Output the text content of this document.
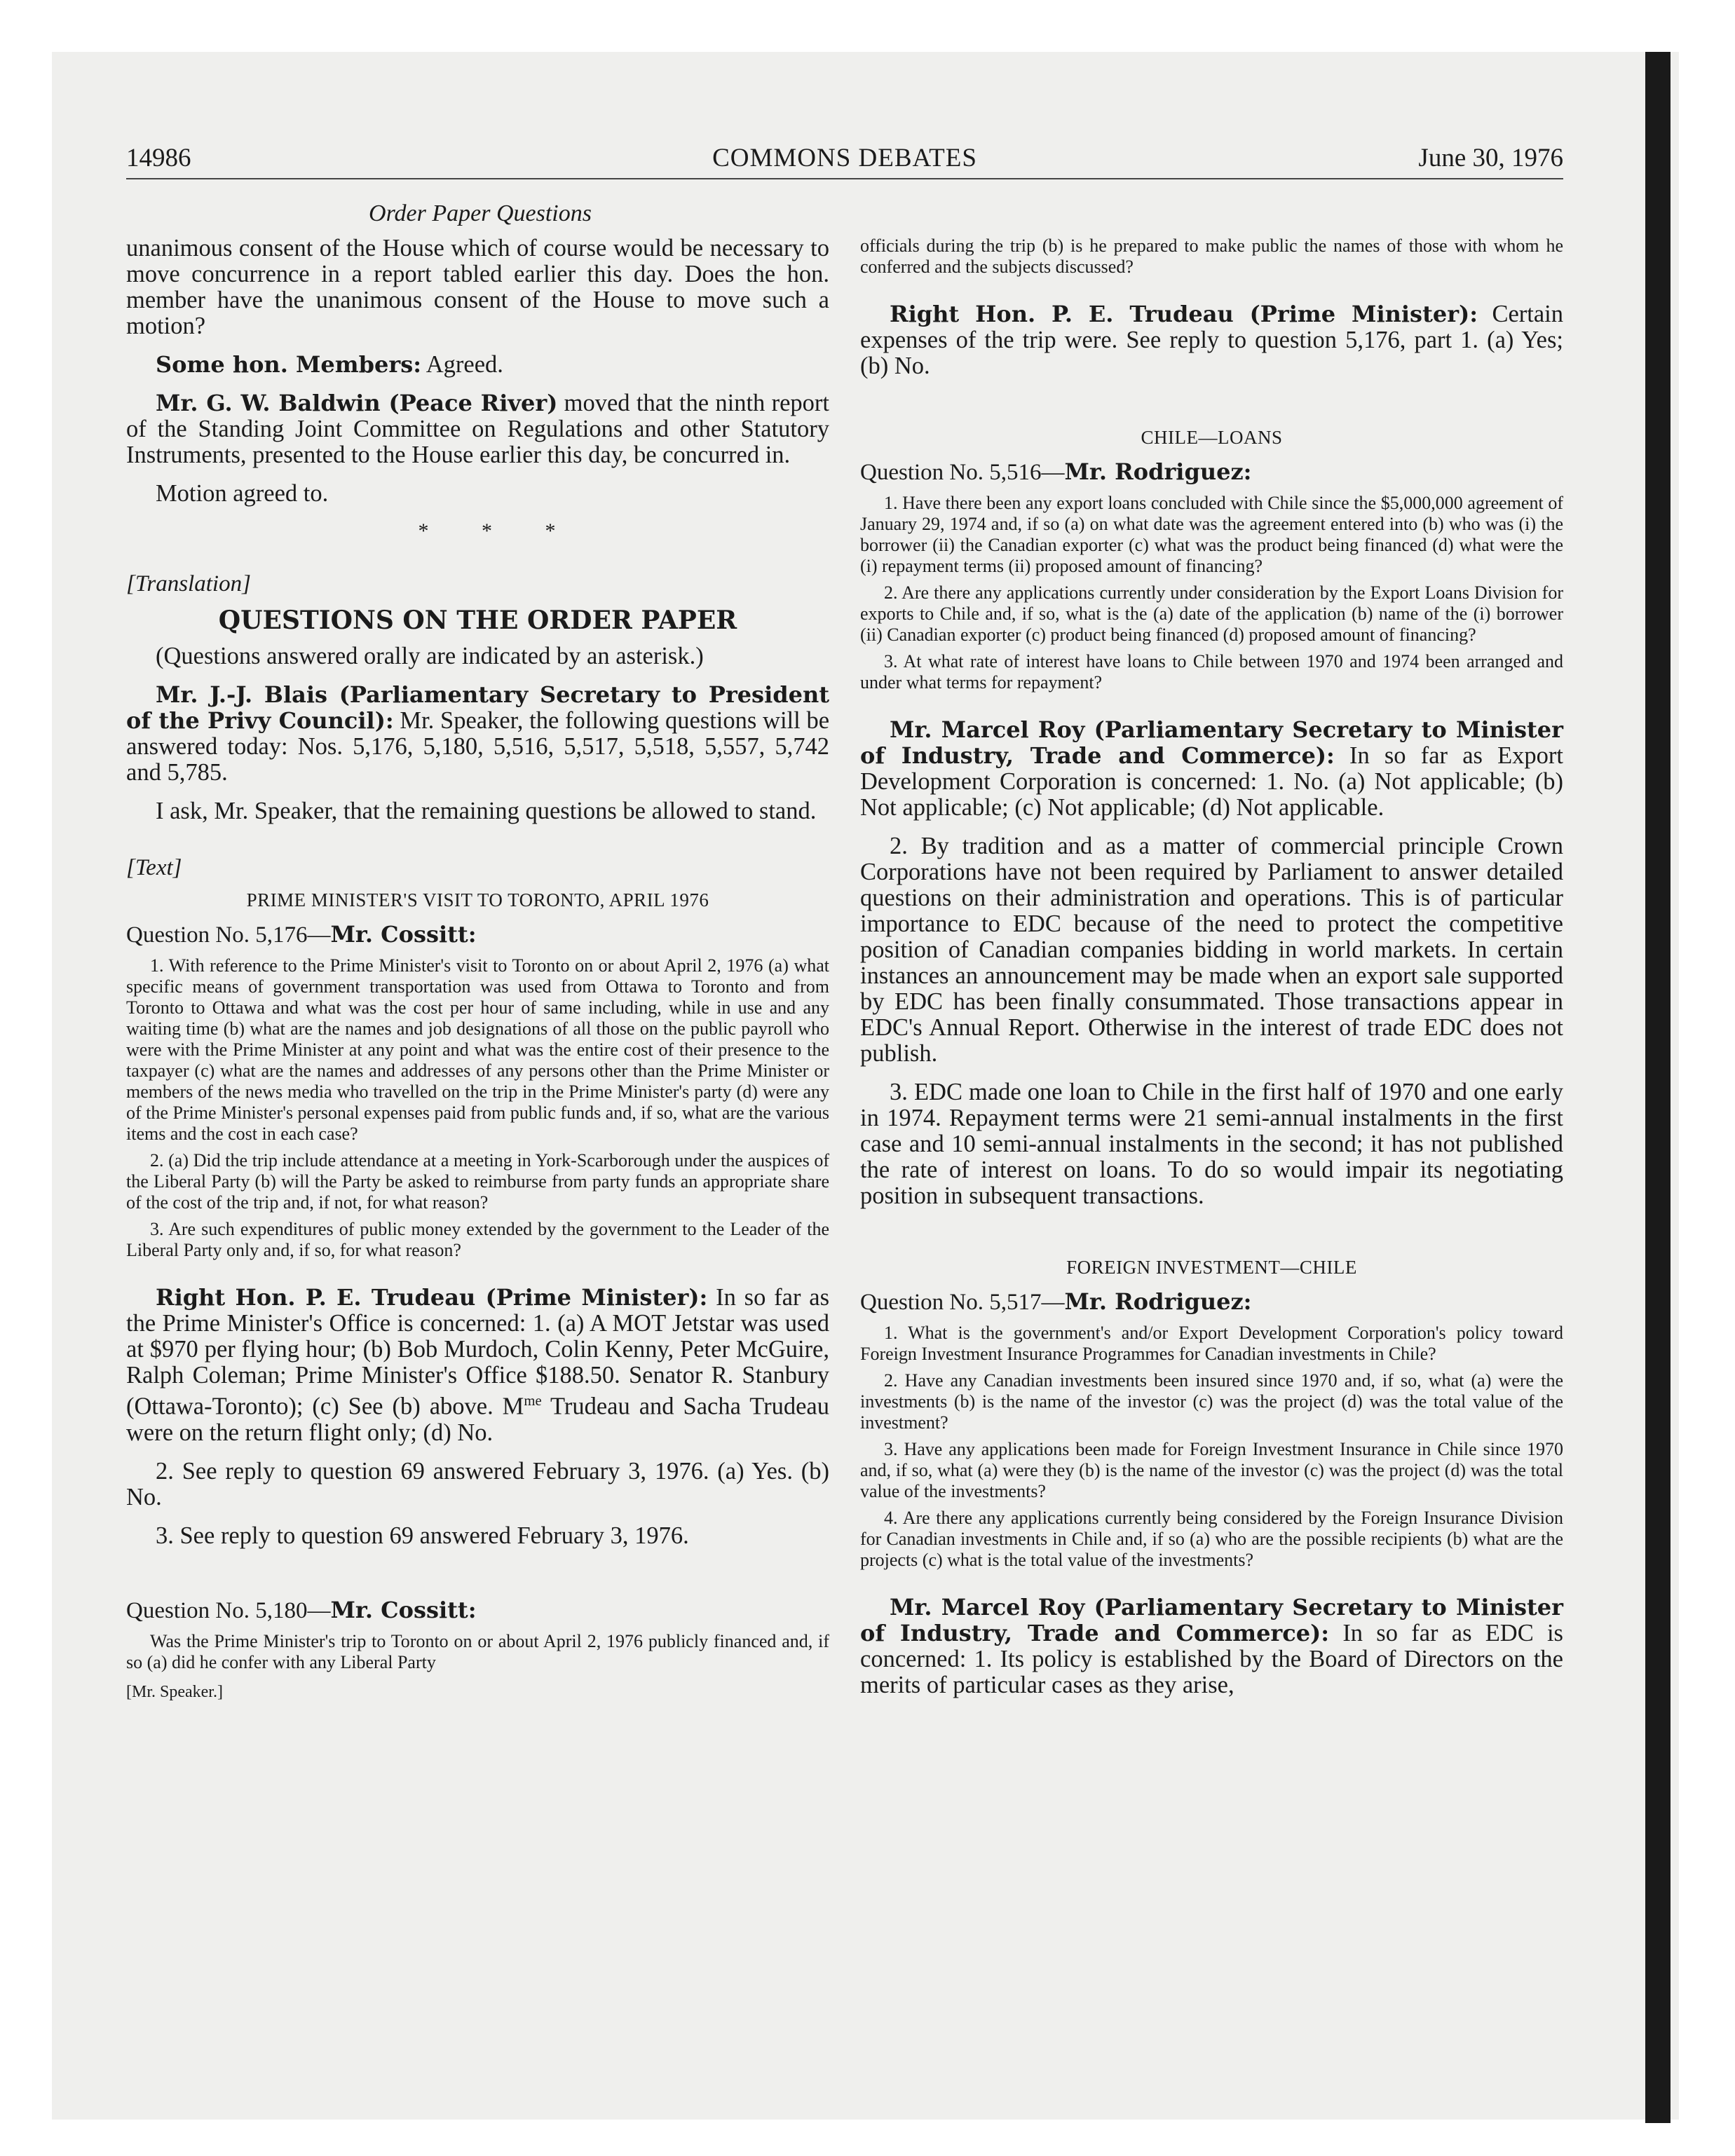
14986	COMMONS DEBATES	June 30, 1976
Order Paper Questions

unanimous consent of the House which of course would be necessary to move concurrence in a report tabled earlier this day. Does the hon. member have the unanimous consent of the House to move such a motion?

Some hon. Members: Agreed.

Mr. G. W. Baldwin (Peace River) moved that the ninth report of the Standing Joint Committee on Regulations and other Statutory Instruments, presented to the House earlier this day, be concurred in.

Motion agreed to.

* * *
[Translation]
QUESTIONS ON THE ORDER PAPER

(Questions answered orally are indicated by an asterisk.)

Mr. J.-J. Blais (Parliamentary Secretary to President of the Privy Council): Mr. Speaker, the following questions will be answered today: Nos. 5,176, 5,180, 5,516, 5,517, 5,518, 5,557, 5,742 and 5,785.

I ask, Mr. Speaker, that the remaining questions be allowed to stand.

[Text]
PRIME MINISTER'S VISIT TO TORONTO, APRIL 1976
Question No. 5,176—Mr. Cossitt:

1. With reference to the Prime Minister's visit to Toronto on or about April 2, 1976 (a) what specific means of government transportation was used from Ottawa to Toronto and from Toronto to Ottawa and what was the cost per hour of same including, while in use and any waiting time (b) what are the names and job designations of all those on the public payroll who were with the Prime Minister at any point and what was the entire cost of their presence to the taxpayer (c) what are the names and addresses of any persons other than the Prime Minister or members of the news media who travelled on the trip in the Prime Minister's party (d) were any of the Prime Minister's personal expenses paid from public funds and, if so, what are the various items and the cost in each case?

2. (a) Did the trip include attendance at a meeting in York-Scarborough under the auspices of the Liberal Party (b) will the Party be asked to reimburse from party funds an appropriate share of the cost of the trip and, if not, for what reason?

3. Are such expenditures of public money extended by the government to the Leader of the Liberal Party only and, if so, for what reason?

Right Hon. P. E. Trudeau (Prime Minister): In so far as the Prime Minister's Office is concerned: 1. (a) A MOT Jetstar was used at $970 per flying hour; (b) Bob Murdoch, Colin Kenny, Peter McGuire, Ralph Coleman; Prime Minister's Office $188.50. Senator R. Stanbury (Ottawa-Toronto); (c) See (b) above. $M^{me}$ Trudeau and Sacha Trudeau were on the return flight only; (d) No.

2. See reply to question 69 answered February 3, 1976. (a) Yes. (b) No.

3. See reply to question 69 answered February 3, 1976.

Question No. 5,180—Mr. Cossitt:

Was the Prime Minister's trip to Toronto on or about April 2, 1976 publicly financed and, if so (a) did he confer with any Liberal Party

[Mr. Speaker.]

officials during the trip (b) is he prepared to make public the names of those with whom he conferred and the subjects discussed?

Right Hon. P. E. Trudeau (Prime Minister): Certain expenses of the trip were. See reply to question 5,176, part 1. (a) Yes; (b) No.

CHILE—LOANS
Question No. 5,516—Mr. Rodriguez:

1. Have there been any export loans concluded with Chile since the $5,000,000 agreement of January 29, 1974 and, if so (a) on what date was the agreement entered into (b) who was (i) the borrower (ii) the Canadian exporter (c) what was the product being financed (d) what were the (i) repayment terms (ii) proposed amount of financing?

2. Are there any applications currently under consideration by the Export Loans Division for exports to Chile and, if so, what is the (a) date of the application (b) name of the (i) borrower (ii) Canadian exporter (c) product being financed (d) proposed amount of financing?

3. At what rate of interest have loans to Chile between 1970 and 1974 been arranged and under what terms for repayment?

Mr. Marcel Roy (Parliamentary Secretary to Minister of Industry, Trade and Commerce): In so far as Export Development Corporation is concerned: 1. No. (a) Not applicable; (b) Not applicable; (c) Not applicable; (d) Not applicable.

2. By tradition and as a matter of commercial principle Crown Corporations have not been required by Parliament to answer detailed questions on their administration and operations. This is of particular importance to EDC because of the need to protect the competitive position of Canadian companies bidding in world markets. In certain instances an announcement may be made when an export sale supported by EDC has been finally consummated. Those transactions appear in EDC's Annual Report. Otherwise in the interest of trade EDC does not publish.

3. EDC made one loan to Chile in the first half of 1970 and one early in 1974. Repayment terms were 21 semi-annual instalments in the first case and 10 semi-annual instalments in the second; it has not published the rate of interest on loans. To do so would impair its negotiating position in subsequent transactions.

FOREIGN INVESTMENT—CHILE
Question No. 5,517—Mr. Rodriguez:

1. What is the government's and/or Export Development Corporation's policy toward Foreign Investment Insurance Programmes for Canadian investments in Chile?

2. Have any Canadian investments been insured since 1970 and, if so, what (a) were the investments (b) is the name of the investor (c) was the project (d) was the total value of the investment?

3. Have any applications been made for Foreign Investment Insurance in Chile since 1970 and, if so, what (a) were they (b) is the name of the investor (c) was the project (d) was the total value of the investments?

4. Are there any applications currently being considered by the Foreign Insurance Division for Canadian investments in Chile and, if so (a) who are the possible recipients (b) what are the projects (c) what is the total value of the investments?

Mr. Marcel Roy (Parliamentary Secretary to Minister of Industry, Trade and Commerce): In so far as EDC is concerned: 1. Its policy is established by the Board of Directors on the merits of particular cases as they arise,
